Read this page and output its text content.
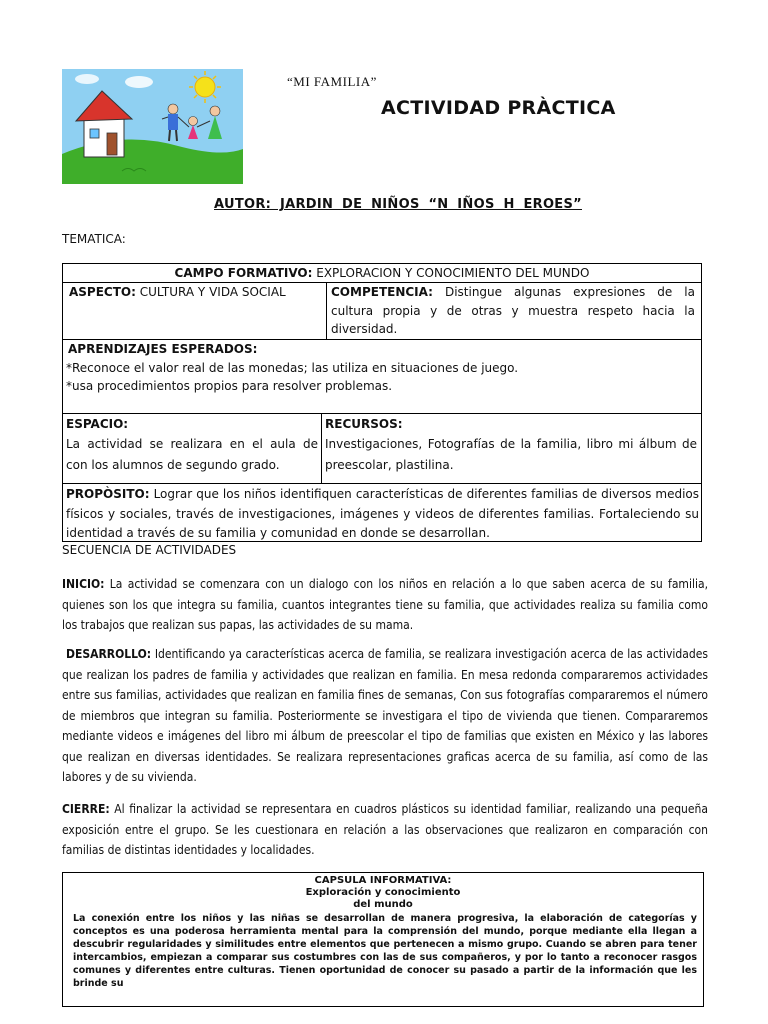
“MI FAMILIA”
ACTIVIDAD PRÀCTICA
AUTOR: JARDIN DE NIÑOS “N IÑOS H EROES”
TEMATICA:
CAMPO FORMATIVO: EXPLORACION Y CONOCIMIENTO DEL MUNDO
ASPECTO: CULTURA Y VIDA SOCIAL	COMPETENCIA: Distingue algunas expresiones de la cultura propia y de otras y muestra respeto hacia la diversidad.
APRENDIZAJES ESPERADOS:
*Reconoce el valor real de las monedas; las utiliza en situaciones de juego.
*usa procedimientos propios para resolver problemas.
ESPACIO:
La actividad se realizara en el aula de con los alumnos de segundo grado.
RECURSOS:
Investigaciones, Fotografías de la familia, libro mi álbum de preescolar, plastilina.
PROPÒSITO: Lograr que los niños identifiquen características de diferentes familias de diversos medios físicos y sociales, través de investigaciones, imágenes y videos de diferentes familias. Fortaleciendo su identidad a través de su familia y comunidad en donde se desarrollan.
SECUENCIA DE ACTIVIDADES
INICIO: La actividad se comenzara con un dialogo con los niños en relación a lo que saben acerca de su familia, quienes son los que integra su familia, cuantos integrantes tiene su familia, que actividades realiza su familia como los trabajos que realizan sus papas, las actividades de su mama.
DESARROLLO: Identificando ya características acerca de familia, se realizara investigación acerca de las actividades que realizan los padres de familia y actividades que realizan en familia. En mesa redonda compararemos actividades entre sus familias, actividades que realizan en familia fines de semanas, Con sus fotografías compararemos el número de miembros que integran su familia. Posteriormente se investigara el tipo de vivienda que tienen. Compararemos mediante videos e imágenes del libro mi álbum de preescolar el tipo de familias que existen en México y las labores que realizan en diversas identidades. Se realizara representaciones graficas acerca de su familia, así como de las labores y de su vivienda.
CIERRE: Al finalizar la actividad se representara en cuadros plásticos su identidad familiar, realizando una pequeña exposición entre el grupo. Se les cuestionara en relación a las observaciones que realizaron en comparación con familias de distintas identidades y localidades.
CAPSULA INFORMATIVA:
Exploración y conocimiento
del mundo
La conexión entre los niños y las niñas se desarrollan de manera progresiva, la elaboración de categorías y conceptos es una poderosa herramienta mental para la comprensión del mundo, porque mediante ella llegan a descubrir regularidades y similitudes entre elementos que pertenecen a mismo grupo. Cuando se abren para tener intercambios, empiezan a comparar sus costumbres con las de sus compañeros, y por lo tanto a reconocer rasgos comunes y diferentes entre culturas. Tienen oportunidad de conocer su pasado a partir de la información que les brinde su
